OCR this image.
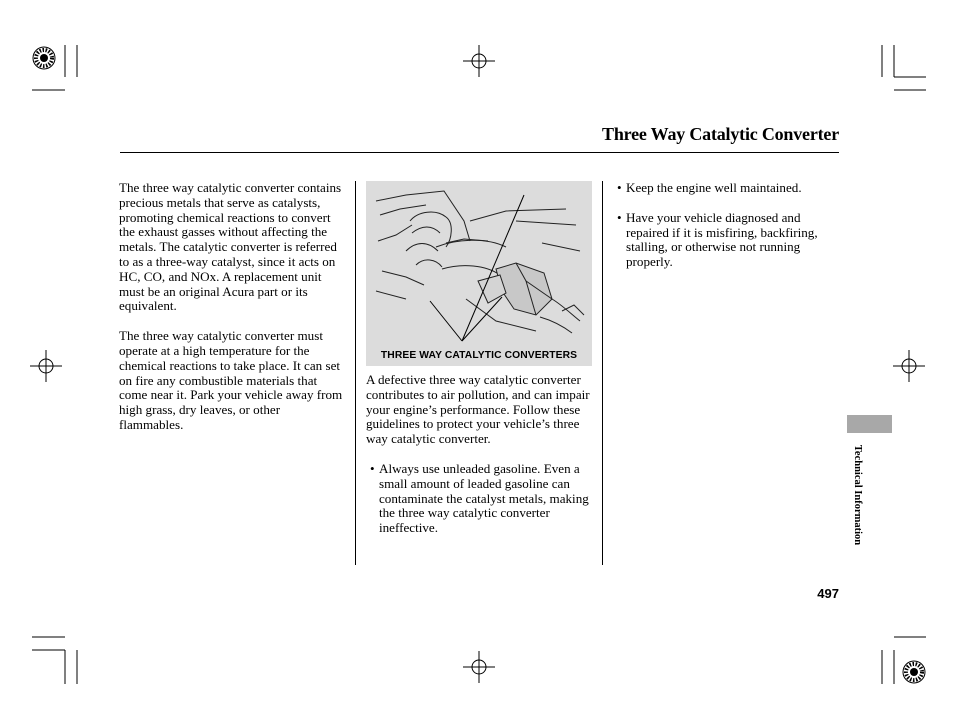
Three Way Catalytic Converter

The three way catalytic converter contains precious metals that serve as catalysts, promoting chemical reactions to convert the exhaust gasses without affecting the metals. The catalytic converter is referred to as a three-way catalyst, since it acts on HC, CO, and NOx. A replacement unit must be an original Acura part or its equivalent.

The three way catalytic converter must operate at a high temperature for the chemical reactions to take place. It can set on fire any combustible materials that come near it. Park your vehicle away from high grass, dry leaves, or other flammables.

THREE WAY CATALYTIC CONVERTERS

A defective three way catalytic converter contributes to air pollution, and can impair your engine’s performance. Follow these guidelines to protect your vehicle’s three way catalytic converter.

• Always use unleaded gasoline. Even a small amount of leaded gasoline can contaminate the catalyst metals, making the three way catalytic converter ineffective.
• Keep the engine well maintained.
• Have your vehicle diagnosed and repaired if it is misfiring, backfiring, stalling, or otherwise not running properly.
Technical Information
497
